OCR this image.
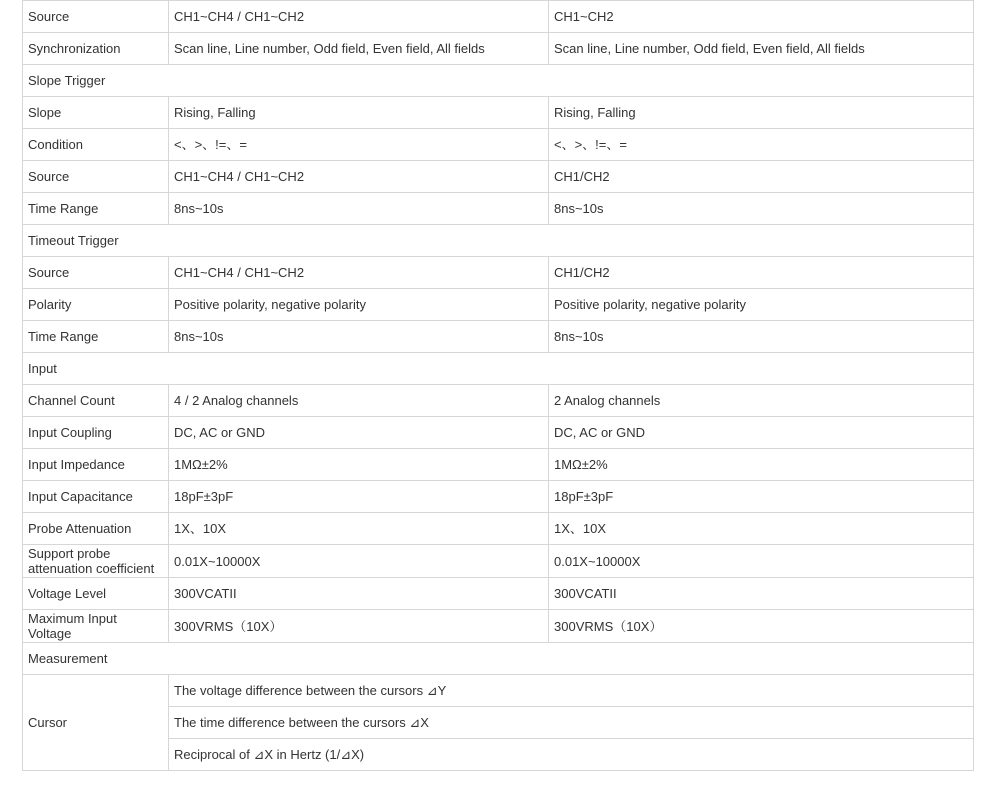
Source	CH1~CH4 / CH1~CH2	CH1~CH2
Synchronization	Scan line, Line number, Odd field, Even field, All fields	Scan line, Line number, Odd field, Even field, All fields
Slope Trigger		
Slope	Rising, Falling	Rising, Falling
Condition	<、>、!=、=	<、>、!=、=
Source	CH1~CH4 / CH1~CH2	CH1/CH2
Time Range	8ns~10s	8ns~10s
Timeout Trigger		
Source	CH1~CH4 / CH1~CH2	CH1/CH2
Polarity	Positive polarity, negative polarity	Positive polarity, negative polarity
Time Range	8ns~10s	8ns~10s
Input		
Channel Count	4 / 2 Analog channels	2 Analog channels
Input Coupling	DC, AC or GND	DC, AC or GND
Input Impedance	1MΩ±2%	1MΩ±2%
Input Capacitance	18pF±3pF	18pF±3pF
Probe Attenuation	1X、10X	1X、10X
Support probe attenuation coefficient	0.01X~10000X	0.01X~10000X
Voltage Level	300VCATII	300VCATII
Maximum Input Voltage	300VRMS（10X）	300VRMS（10X）
Measurement		
Cursor	The voltage difference between the cursors ⊿Y	
	The time difference between the cursors ⊿X	
	Reciprocal of ⊿X in Hertz (1/⊿X)	
